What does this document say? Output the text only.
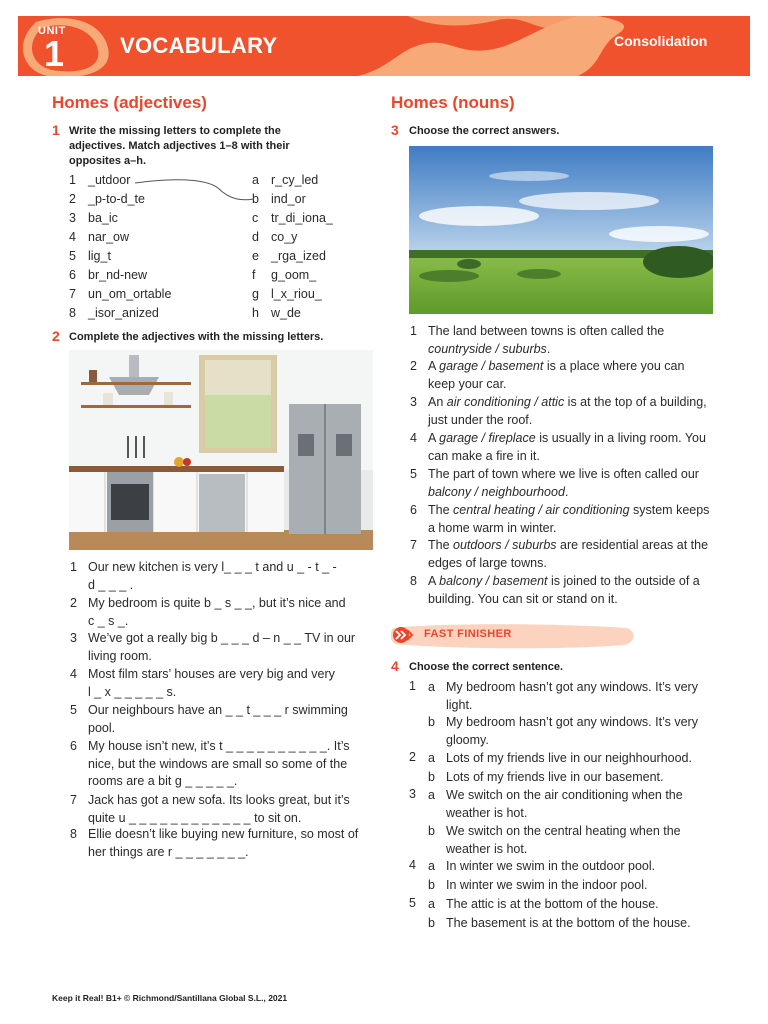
UNIT
1	VOCABULARY	Consolidation
Homes (adjectives)
1 Write the missing letters to complete the adjectives. Match adjectives 1–8 with their opposites a–h.
1 _utdoor
2 _p-to-d_te
3 ba_ic
4 nar_ow
5 lig_t
6 br_nd-new
7 un_om_ortable
8 _isor_anized
a r_cy_led
b ind_or
c tr_di_iona_
d co_y
e _rga_ized
f g_oom_
g l_x_riou_
h w_de
2 Complete the adjectives with the missing letters.
1 Our new kitchen is very l_ _ _ t and u _ - t _ -
d _ _ _ .
2 My bedroom is quite b _ s _ _, but it’s nice and
c _ s _.
3 We’ve got a really big b _ _ _ d – n _ _ TV in our
living room.
4 Most film stars’ houses are very big and very
l _ x _ _ _ _ _ s.
5 Our neighbours have an _ _ t _ _ _ r swimming
pool.
6 My house isn’t new, it’s t _ _ _ _ _ _ _ _ _ _. It’s
nice, but the windows are small so some of the
rooms are a bit g _ _ _ _ _.
7 Jack has got a new sofa. Its looks great, but it’s
quite u _ _ _ _ _ _ _ _ _ _ _ _ to sit on.
8 Ellie doesn’t like buying new furniture, so most of
her things are r _ _ _ _ _ _ _.
Homes (nouns)
3 Choose the correct answers.
1 The land between towns is often called the
countryside / suburbs.
2 A garage / basement is a place where you can keep your car.
3 An air conditioning / attic is at the top of a building, just under the roof.
4 A garage / fireplace is usually in a living room. You can make a fire in it.
5 The part of town where we live is often called our balcony / neighbourhood.
6 The central heating / air conditioning system keeps a home warm in winter.
7 The outdoors / suburbs are residential areas at the edges of large towns.
8 A balcony / basement is joined to the outside of a building. You can sit or stand on it.
FAST FINISHER
4 Choose the correct sentence.
1
2
3
4
5
a My bedroom hasn’t got any windows. It’s very
light.
b My bedroom hasn’t got any windows. It’s very
gloomy.
a Lots of my friends live in our neighhourhood.
b Lots of my friends live in our basement.
a We switch on the air conditioning when the
weather is hot.
b We switch on the central heating when the
weather is hot.
a In winter we swim in the outdoor pool.
b In winter we swim in the indoor pool.
a The attic is at the bottom of the house.
b The basement is at the bottom of the house.
Keep it Real! B1+ © Richmond/Santillana Global S.L., 2021
